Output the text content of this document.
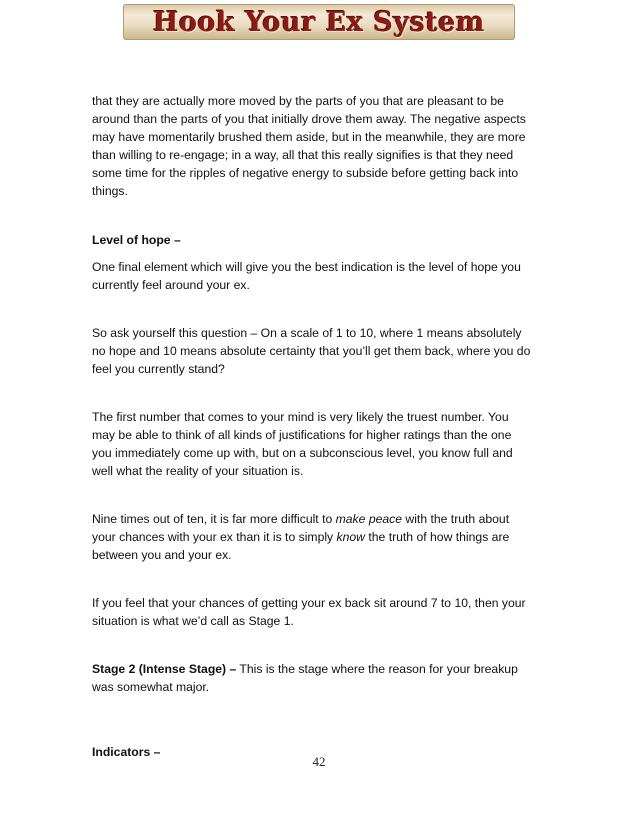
Hook Your Ex System

that they are actually more moved by the parts of you that are pleasant to be around than the parts of you that initially drove them away. The negative aspects may have momentarily brushed them aside, but in the meanwhile, they are more than willing to re-engage; in a way, all that this really signifies is that they need some time for the ripples of negative energy to subside before getting back into things.

Level of hope –

One final element which will give you the best indication is the level of hope you currently feel around your ex.

So ask yourself this question – On a scale of 1 to 10, where 1 means absolutely no hope and 10 means absolute certainty that you’ll get them back, where you do feel you currently stand?

The first number that comes to your mind is very likely the truest number. You may be able to think of all kinds of justifications for higher ratings than the one you immediately come up with, but on a subconscious level, you know full and well what the reality of your situation is.

Nine times out of ten, it is far more difficult to make peace with the truth about your chances with your ex than it is to simply know the truth of how things are between you and your ex.

If you feel that your chances of getting your ex back sit around 7 to 10, then your situation is what we’d call as Stage 1.

Stage 2 (Intense Stage) – This is the stage where the reason for your breakup was somewhat major.

Indicators –

42
